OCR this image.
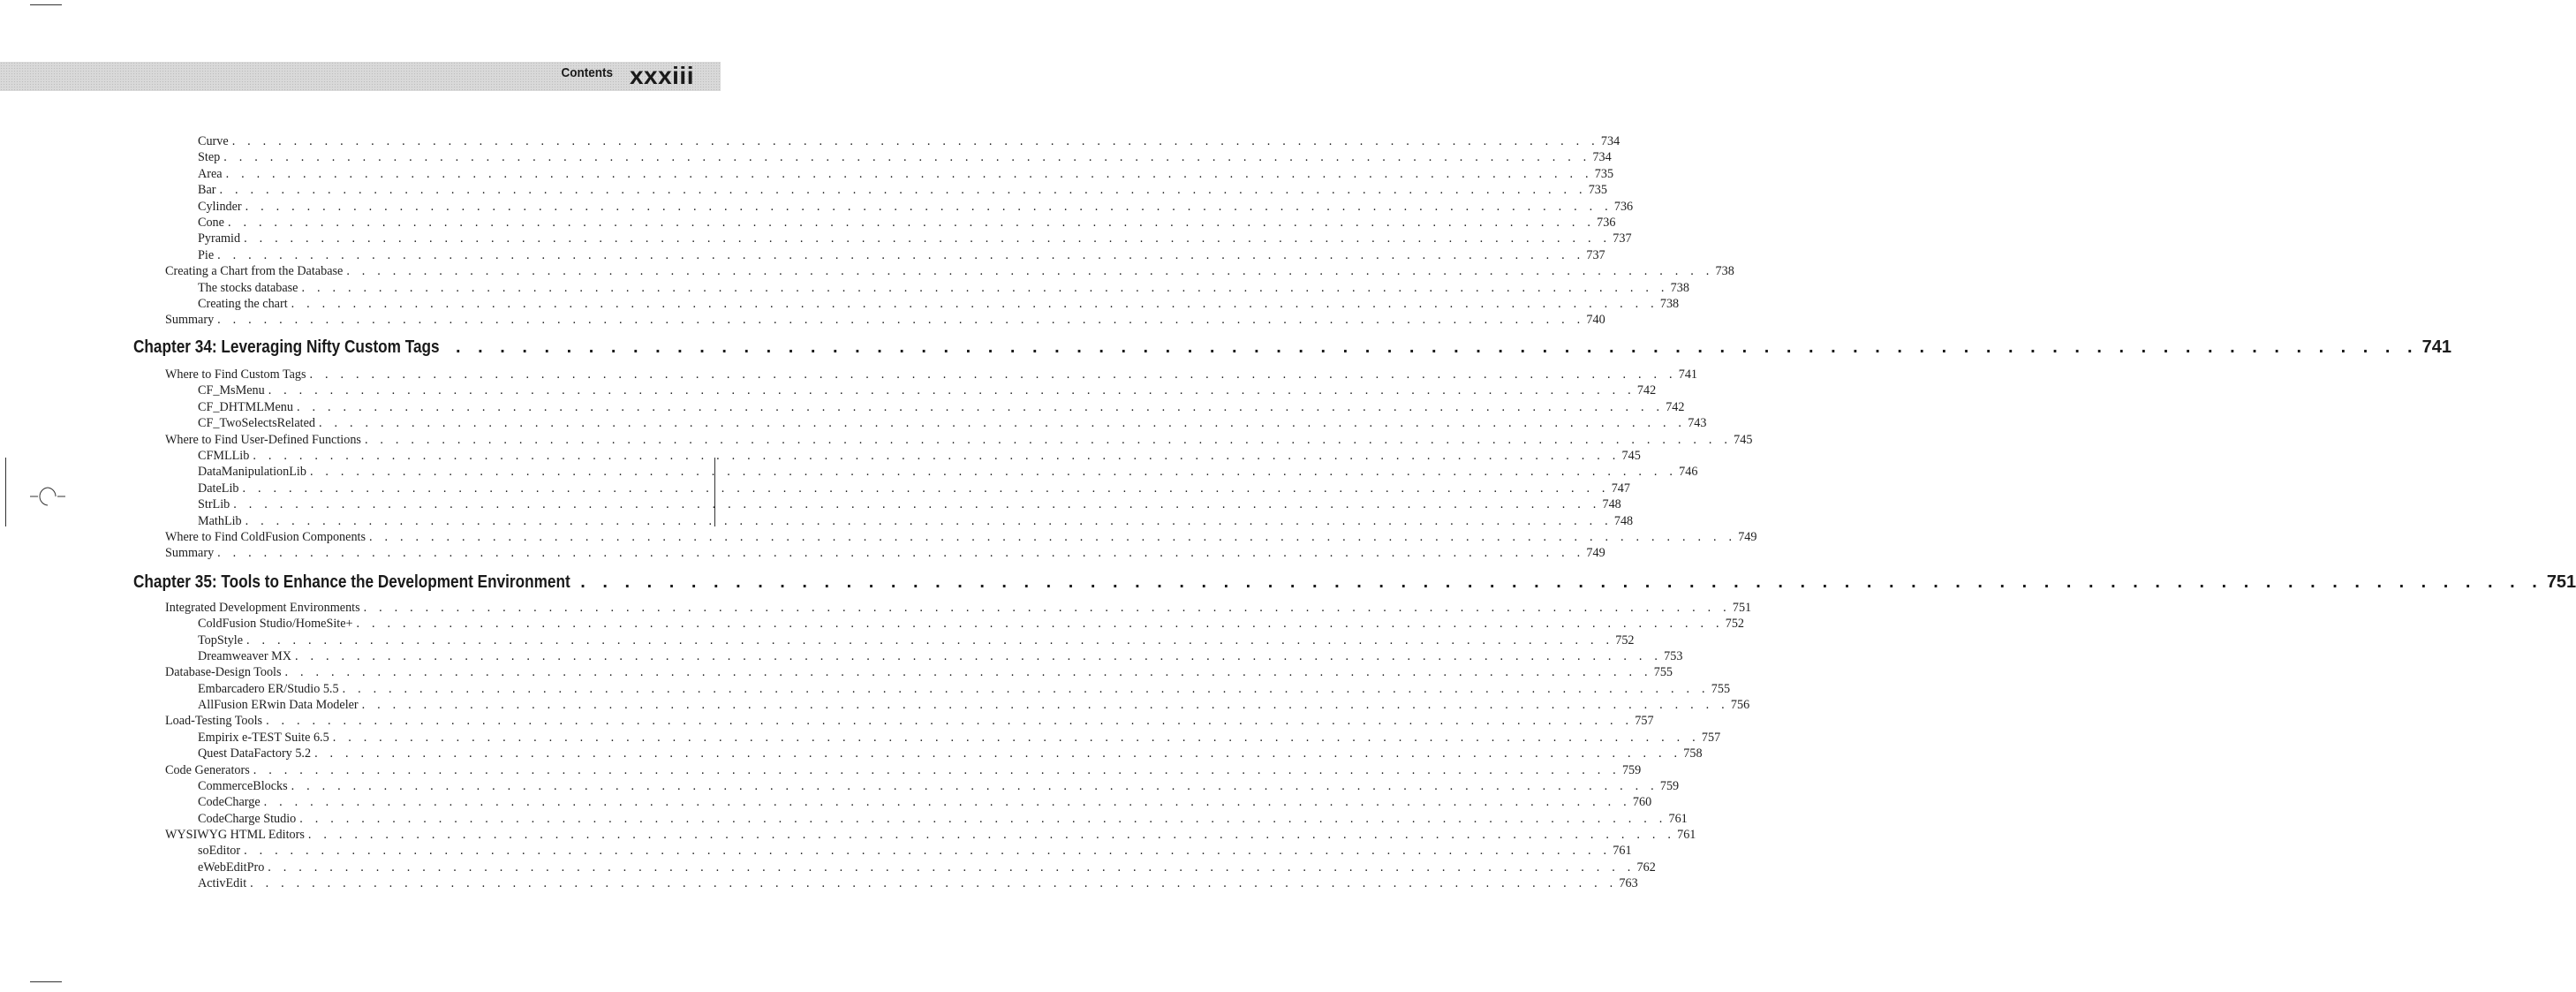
Contents xxxiii
Curve . . . . . . . . . . . . . . . . . . . . . . . . . . . . . . . . . . . . . . . . . . . . . . . . . . . . . . . . . . . . . . . . . . . . . . . . . . . . . . . . . . . . . . . . . 734
Step . . . . . . . . . . . . . . . . . . . . . . . . . . . . . . . . . . . . . . . . . . . . . . . . . . . . . . . . . . . . . . . . . . . . . . . . . . . . . . . . . . . . . . . . . 734
Area . . . . . . . . . . . . . . . . . . . . . . . . . . . . . . . . . . . . . . . . . . . . . . . . . . . . . . . . . . . . . . . . . . . . . . . . . . . . . . . . . . . . . . . . . 735
Bar . . . . . . . . . . . . . . . . . . . . . . . . . . . . . . . . . . . . . . . . . . . . . . . . . . . . . . . . . . . . . . . . . . . . . . . . . . . . . . . . . . . . . . . . . 735
Cylinder . . . . . . . . . . . . . . . . . . . . . . . . . . . . . . . . . . . . . . . . . . . . . . . . . . . . . . . . . . . . . . . . . . . . . . . . . . . . . . . . . . . . . . . . . 736
Cone . . . . . . . . . . . . . . . . . . . . . . . . . . . . . . . . . . . . . . . . . . . . . . . . . . . . . . . . . . . . . . . . . . . . . . . . . . . . . . . . . . . . . . . . . 736
Pyramid . . . . . . . . . . . . . . . . . . . . . . . . . . . . . . . . . . . . . . . . . . . . . . . . . . . . . . . . . . . . . . . . . . . . . . . . . . . . . . . . . . . . . . . . . 737
Pie . . . . . . . . . . . . . . . . . . . . . . . . . . . . . . . . . . . . . . . . . . . . . . . . . . . . . . . . . . . . . . . . . . . . . . . . . . . . . . . . . . . . . . . . . 737
Creating a Chart from the Database . . . . . . . . . . . . . . . . . . . . . . . . . . . . . . . . . . . . . . . . . . . . . . . . . . . . . . . . . . . . . . . . . . . . . . . . . . . . . . . . . . . . . . . . . 738
The stocks database . . . . . . . . . . . . . . . . . . . . . . . . . . . . . . . . . . . . . . . . . . . . . . . . . . . . . . . . . . . . . . . . . . . . . . . . . . . . . . . . . . . . . . . . . 738
Creating the chart . . . . . . . . . . . . . . . . . . . . . . . . . . . . . . . . . . . . . . . . . . . . . . . . . . . . . . . . . . . . . . . . . . . . . . . . . . . . . . . . . . . . . . . . . 738
Summary . . . . . . . . . . . . . . . . . . . . . . . . . . . . . . . . . . . . . . . . . . . . . . . . . . . . . . . . . . . . . . . . . . . . . . . . . . . . . . . . . . . . . . . . . 740
Where to Find Custom Tags . . . . . . . . . . . . . . . . . . . . . . . . . . . . . . . . . . . . . . . . . . . . . . . . . . . . . . . . . . . . . . . . . . . . . . . . . . . . . . . . . . . . . . . . . 741
CF_MsMenu . . . . . . . . . . . . . . . . . . . . . . . . . . . . . . . . . . . . . . . . . . . . . . . . . . . . . . . . . . . . . . . . . . . . . . . . . . . . . . . . . . . . . . . . . 742
CF_DHTMLMenu . . . . . . . . . . . . . . . . . . . . . . . . . . . . . . . . . . . . . . . . . . . . . . . . . . . . . . . . . . . . . . . . . . . . . . . . . . . . . . . . . . . . . . . . . 742
CF_TwoSelectsRelated . . . . . . . . . . . . . . . . . . . . . . . . . . . . . . . . . . . . . . . . . . . . . . . . . . . . . . . . . . . . . . . . . . . . . . . . . . . . . . . . . . . . . . . . . 743
Where to Find User-Defined Functions . . . . . . . . . . . . . . . . . . . . . . . . . . . . . . . . . . . . . . . . . . . . . . . . . . . . . . . . . . . . . . . . . . . . . . . . . . . . . . . . . . . . . . . . . 745
CFMLLib . . . . . . . . . . . . . . . . . . . . . . . . . . . . . . . . . . . . . . . . . . . . . . . . . . . . . . . . . . . . . . . . . . . . . . . . . . . . . . . . . . . . . . . . . 745
DataManipulationLib . . . . . . . . . . . . . . . . . . . . . . . . . . . . . . . . . . . . . . . . . . . . . . . . . . . . . . . . . . . . . . . . . . . . . . . . . . . . . . . . . . . . . . . . . 746
DateLib . . . . . . . . . . . . . . . . . . . . . . . . . . . . . . . . . . . . . . . . . . . . . . . . . . . . . . . . . . . . . . . . . . . . . . . . . . . . . . . . . . . . . . . . . 747
StrLib . . . . . . . . . . . . . . . . . . . . . . . . . . . . . . . . . . . . . . . . . . . . . . . . . . . . . . . . . . . . . . . . . . . . . . . . . . . . . . . . . . . . . . . . . 748
MathLib . . . . . . . . . . . . . . . . . . . . . . . . . . . . . . . . . . . . . . . . . . . . . . . . . . . . . . . . . . . . . . . . . . . . . . . . . . . . . . . . . . . . . . . . . 748
Where to Find ColdFusion Components . . . . . . . . . . . . . . . . . . . . . . . . . . . . . . . . . . . . . . . . . . . . . . . . . . . . . . . . . . . . . . . . . . . . . . . . . . . . . . . . . . . . . . . . . 749
Summary . . . . . . . . . . . . . . . . . . . . . . . . . . . . . . . . . . . . . . . . . . . . . . . . . . . . . . . . . . . . . . . . . . . . . . . . . . . . . . . . . . . . . . . . . 749
Integrated Development Environments . . . . . . . . . . . . . . . . . . . . . . . . . . . . . . . . . . . . . . . . . . . . . . . . . . . . . . . . . . . . . . . . . . . . . . . . . . . . . . . . . . . . . . . . . 751
ColdFusion Studio/HomeSite+ . . . . . . . . . . . . . . . . . . . . . . . . . . . . . . . . . . . . . . . . . . . . . . . . . . . . . . . . . . . . . . . . . . . . . . . . . . . . . . . . . . . . . . . . . 752
TopStyle . . . . . . . . . . . . . . . . . . . . . . . . . . . . . . . . . . . . . . . . . . . . . . . . . . . . . . . . . . . . . . . . . . . . . . . . . . . . . . . . . . . . . . . . . 752
Dreamweaver MX . . . . . . . . . . . . . . . . . . . . . . . . . . . . . . . . . . . . . . . . . . . . . . . . . . . . . . . . . . . . . . . . . . . . . . . . . . . . . . . . . . . . . . . . . 753
Database-Design Tools . . . . . . . . . . . . . . . . . . . . . . . . . . . . . . . . . . . . . . . . . . . . . . . . . . . . . . . . . . . . . . . . . . . . . . . . . . . . . . . . . . . . . . . . . 755
Embarcadero ER/Studio 5.5 . . . . . . . . . . . . . . . . . . . . . . . . . . . . . . . . . . . . . . . . . . . . . . . . . . . . . . . . . . . . . . . . . . . . . . . . . . . . . . . . . . . . . . . . . 755
AllFusion ERwin Data Modeler . . . . . . . . . . . . . . . . . . . . . . . . . . . . . . . . . . . . . . . . . . . . . . . . . . . . . . . . . . . . . . . . . . . . . . . . . . . . . . . . . . . . . . . . . 756
Load-Testing Tools . . . . . . . . . . . . . . . . . . . . . . . . . . . . . . . . . . . . . . . . . . . . . . . . . . . . . . . . . . . . . . . . . . . . . . . . . . . . . . . . . . . . . . . . . 757
Empirix e-TEST Suite 6.5 . . . . . . . . . . . . . . . . . . . . . . . . . . . . . . . . . . . . . . . . . . . . . . . . . . . . . . . . . . . . . . . . . . . . . . . . . . . . . . . . . . . . . . . . . 757
Quest DataFactory 5.2 . . . . . . . . . . . . . . . . . . . . . . . . . . . . . . . . . . . . . . . . . . . . . . . . . . . . . . . . . . . . . . . . . . . . . . . . . . . . . . . . . . . . . . . . . 758
Code Generators . . . . . . . . . . . . . . . . . . . . . . . . . . . . . . . . . . . . . . . . . . . . . . . . . . . . . . . . . . . . . . . . . . . . . . . . . . . . . . . . . . . . . . . . . 759
CommerceBlocks . . . . . . . . . . . . . . . . . . . . . . . . . . . . . . . . . . . . . . . . . . . . . . . . . . . . . . . . . . . . . . . . . . . . . . . . . . . . . . . . . . . . . . . . . 759
CodeCharge . . . . . . . . . . . . . . . . . . . . . . . . . . . . . . . . . . . . . . . . . . . . . . . . . . . . . . . . . . . . . . . . . . . . . . . . . . . . . . . . . . . . . . . . . 760
CodeCharge Studio . . . . . . . . . . . . . . . . . . . . . . . . . . . . . . . . . . . . . . . . . . . . . . . . . . . . . . . . . . . . . . . . . . . . . . . . . . . . . . . . . . . . . . . . . 761
WYSIWYG HTML Editors . . . . . . . . . . . . . . . . . . . . . . . . . . . . . . . . . . . . . . . . . . . . . . . . . . . . . . . . . . . . . . . . . . . . . . . . . . . . . . . . . . . . . . . . . 761
soEditor . . . . . . . . . . . . . . . . . . . . . . . . . . . . . . . . . . . . . . . . . . . . . . . . . . . . . . . . . . . . . . . . . . . . . . . . . . . . . . . . . . . . . . . . . 761
eWebEditPro . . . . . . . . . . . . . . . . . . . . . . . . . . . . . . . . . . . . . . . . . . . . . . . . . . . . . . . . . . . . . . . . . . . . . . . . . . . . . . . . . . . . . . . . . 762
ActivEdit . . . . . . . . . . . . . . . . . . . . . . . . . . . . . . . . . . . . . . . . . . . . . . . . . . . . . . . . . . . . . . . . . . . . . . . . . . . . . . . . . . . . . . . . . 763
Chapter 34: Leveraging Nifty Custom Tags . . . . . . . . . . . . . . . . . . . . . . . . . . . . . . . . . . . . . . . . . . . . . . . . . . . . . . . . . . . . . . . . . . . . . . . . . . . . . . . . . . . . . . . . . 741
Chapter 35: Tools to Enhance the Development Environment . . . . . . . . . . . . . . . . . . . . . . . . . . . . . . . . . . . . . . . . . . . . . . . . . . . . . . . . . . . . . . . . . . . . . . . . . . . . . . . . . . . . . . . . . 751
